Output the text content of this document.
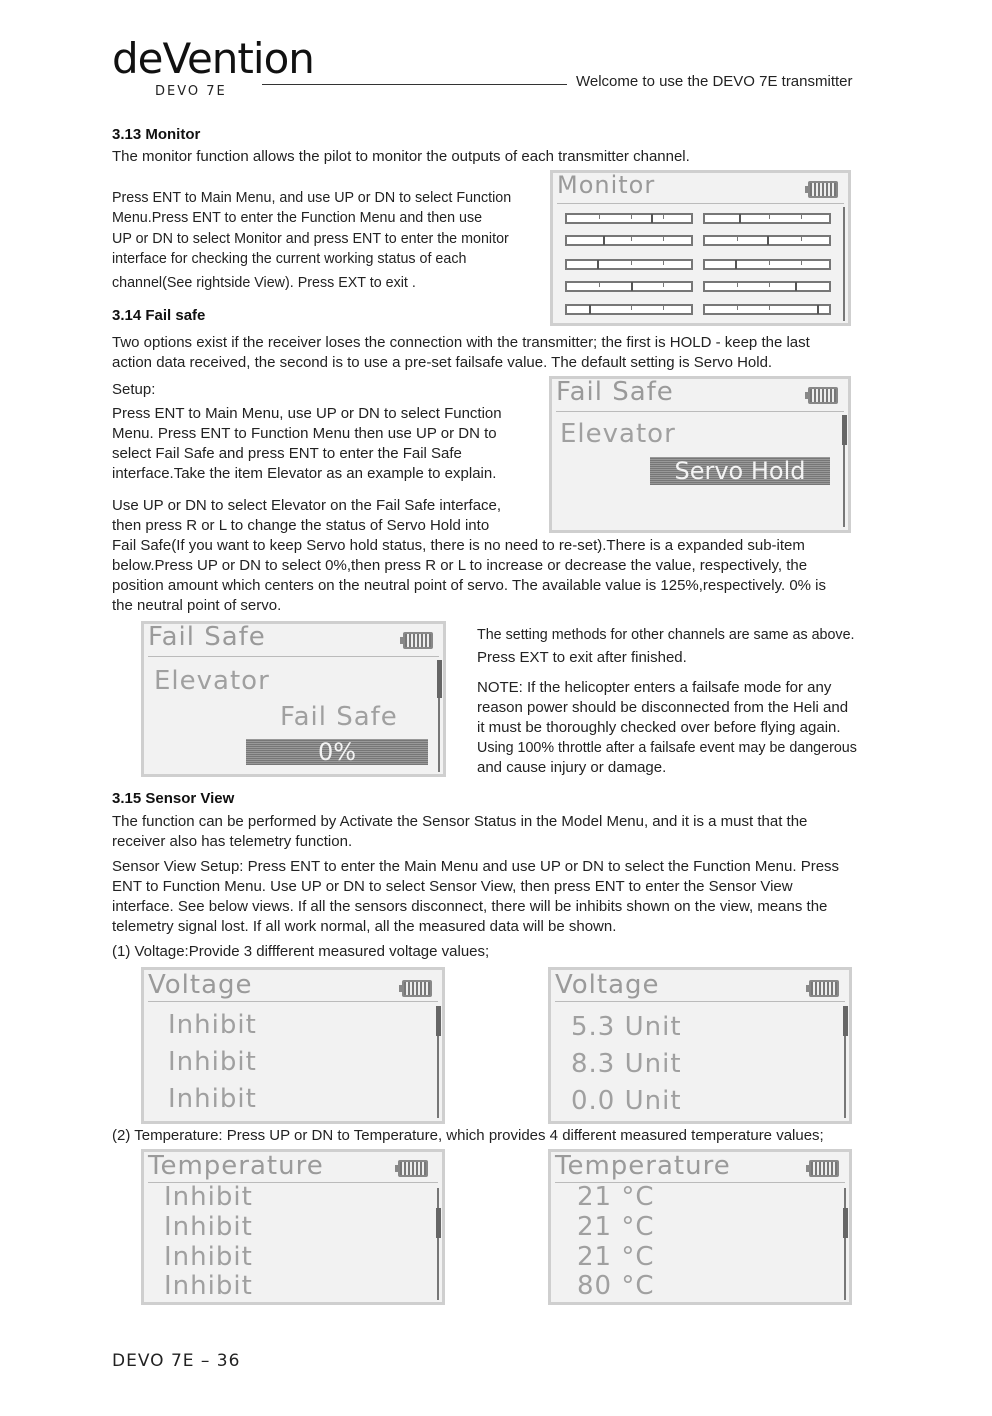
deVention
DEVO 7E
Welcome to use the DEVO 7E transmitter
3.13 Monitor
The monitor function allows the pilot to monitor the outputs of each transmitter channel.
Press ENT to Main Menu, and use UP or DN to select Function
Menu.Press ENT to enter the Function Menu and then use
UP or DN to select Monitor and press ENT to enter the monitor
interface for checking the current working status of each
channel(See rightside View). Press EXT to exit .
Monitor
3.14 Fail safe
Two options exist if the receiver loses the connection with the transmitter; the first is HOLD - keep the last
action data received, the second is to use a pre-set failsafe value. The default setting is Servo Hold.
Setup:
Press ENT to Main Menu, use UP or DN to select Function
Menu. Press ENT to Function Menu then use UP or DN to
select Fail Safe and press ENT to enter the Fail Safe
interface.Take the item Elevator as an example to explain.
Use UP or DN to select Elevator on the Fail Safe interface,
then press R or L to change the status of Servo Hold into
Fail Safe(If you want to keep Servo hold status, there is no need to re-set).There is a expanded sub-item
below.Press UP or DN to select 0%,then press R or L to increase or decrease the value, respectively, the
position amount which centers on the neutral point of servo. The available value is 125%,respectively. 0% is
the neutral point of servo.
Fail Safe
Elevator
Servo Hold
Fail Safe
Elevator
Fail Safe
0%
The setting methods for other channels are same as above.
Press EXT to exit after finished.
NOTE: If the helicopter enters a failsafe mode for any
reason power should be disconnected from the Heli and
it must be thoroughly checked over before flying again.
Using 100% throttle after a failsafe event may be dangerous
and cause injury or damage.
3.15 Sensor View
The function can be performed by Activate the Sensor Status in the Model Menu, and it is a must that the
receiver also has telemetry function.
Sensor View Setup: Press ENT to enter the Main Menu and use UP or DN to select the Function Menu. Press
ENT to Function Menu. Use UP or DN to select Sensor View, then press ENT to enter the Sensor View
interface. See below views. If all the sensors disconnect, there will be inhibits shown on the view, means the
telemetry signal lost. If all work normal, all the measured data will be shown.
(1) Voltage:Provide 3 diffferent measured voltage values;
Voltage
Inhibit
Inhibit
Inhibit
Voltage
5.3 Unit
8.3 Unit
0.0 Unit
(2) Temperature: Press UP or DN to Temperature, which provides 4 different measured temperature values;
Temperature
Inhibit
Inhibit
Inhibit
Inhibit
Temperature
21 °C
21 °C
21 °C
80 °C
DEVO 7E – 36
